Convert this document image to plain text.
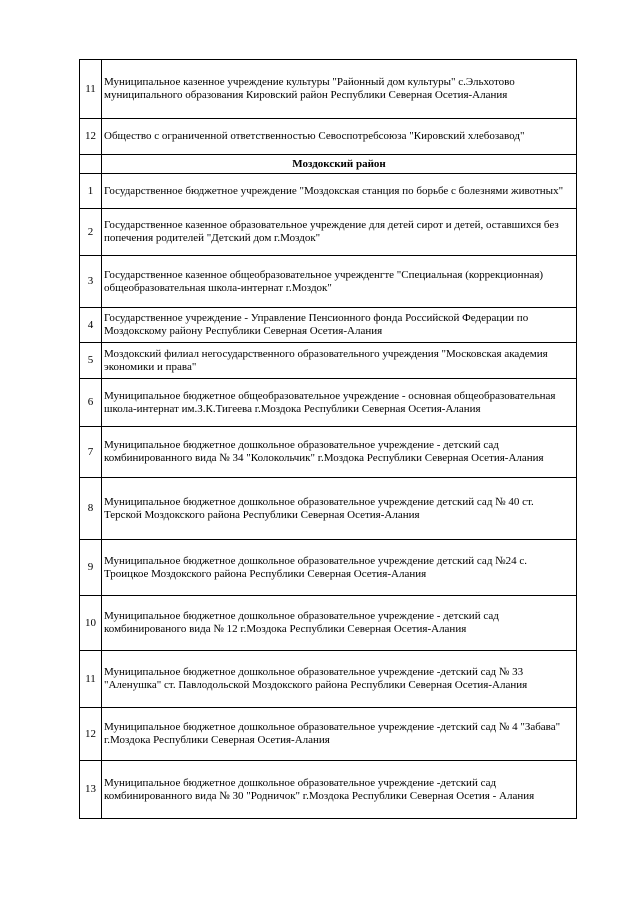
11	Муниципальное казенное учреждение культуры "Районный дом культуры" с.Эльхотово муниципального образования Кировский район Республики Северная Осетия-Алания
12	Общество с ограниченной ответственностью Севоспотребсоюза "Кировский хлебозавод"
	Моздокский район
1	Государственное бюджетное учреждение "Моздокская станция по борьбе с болезнями животных"
2	Государственное казенное образовательное учреждение для детей сирот и детей, оставшихся без попечения родителей "Детский дом г.Моздок"
3	Государственное казенное общеобразовательное учрежденгте "Специальная (коррекционная) общеобразовательная школа-интернат г.Моздок"
4	Государственное учреждение - Управление Пенсионного фонда Российской Федерации по Моздокскому району Республики Северная Осетия-Алания
5	Моздокский филиал негосударственного образовательного учреждения "Московская академия экономики и права"
6	Муниципальное бюджетное общеобразовательное учреждение - основная общеобразовательная школа-интернат им.З.К.Тигеева г.Моздока Республики Северная Осетия-Алания
7	Муниципальное бюджетное дошкольное образовательное учреждение - детский сад комбинированного вида № 34 "Колокольчик" г.Моздока Республики Северная Осетия-Алания
8	Муниципальное бюджетное дошкольное образовательное учреждение детский сад № 40 ст. Терской Моздокского района Республики Северная Осетия-Алания
9	Муниципальное бюджетное дошкольное образовательное учреждение детский сад №24 с. Троицкое Моздокского района Республики Северная Осетия-Алания
10	Муниципальное бюджетное дошкольное образовательное учреждение - детский сад комбинированого вида № 12 г.Моздока Республики Северная Осетия-Алания
11	Муниципальное бюджетное дошкольное образовательное учреждение -детский сад № 33 "Аленушка" ст. Павлодольской Моздокского района Республики Северная Осетия-Алания
12	Муниципальное бюджетное дошкольное образовательное учреждение -детский сад № 4 "Забава" г.Моздока Республики Северная Осетия-Алания
13	Муниципальное бюджетное дошкольное образовательное учреждение -детский сад комбинированного вида № 30 "Родничок" г.Моздока Республики Северная Осетия - Алания
